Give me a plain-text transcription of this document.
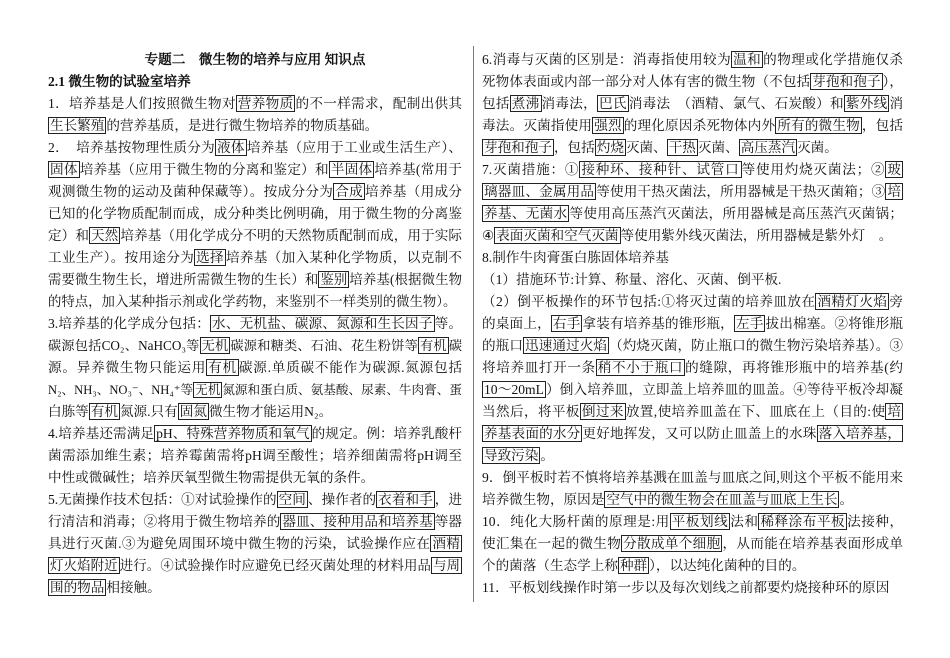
专题二　微生物的培养与应用 知识点
2.1 微生物的试验室培养
1．培养基是人们按照微生物对 营养物质 的不一样需求，配制出供其
生长繁殖 的营养基质，是进行微生物培养的物质基础。
2．　培养基按物理性质分为 液体 培养基（应用于工业或生活生产）、
固体 培养基（应用于微生物的分离和鉴定）和 半固体 培养基(常用于
观测微生物的运动及菌种保藏等）。按成分分为 合成 培养基（用成分
已知的化学物质配制而成，成分种类比例明确，用于微生物的分离鉴
定）和 天然 培养基（用化学成分不明的天然物质配制而成，用于实际
工业生产）。按用途分为 选择 培养基（加入某种化学物质，以克制不
需要微生物生长，增进所需微生物的生长）和 鉴别 培养基(根据微生物
的特点，加入某种指示剂或化学药物，来鉴别不一样类别的微生物）。
3.培养基的化学成分包括： 水、无机盐、碳源、氮源和生长因子 等。
碳源包括CO₂、NaHCO₃等 无机 碳源和糖类、石油、花生粉饼等 有机 碳
源。异养微生物只能运用 有机 碳源.单质碳不能作为碳源.氮源包括
N₂、NH₃、NO₃⁻、NH₄⁺等 无机 氮源和蛋白质、氨基酸、尿素、牛肉膏、蛋
白胨等 有机 氮源.只有 固氮 微生物才能运用N₂。
4.培养基还需满足 pH、特殊营养物质和氧气 的规定。例：培养乳酸杆
菌需添加维生素；培养霉菌需将pH调至酸性；培养细菌需将pH调至
中性或微碱性；培养厌氧型微生物需提供无氧的条件。
5.无菌操作技术包括：①对试验操作的 空间 、操作者的 衣着和手 ，进
行清洁和消毒；②将用于微生物培养的 器皿、接种用品和培养基 等器
具进行灭菌.③为避免周围环境中微生物的污染，试验操作应在 酒精
灯火焰附近 进行。④试验操作时应避免已经灭菌处理的材料用品 与周
围的物品 相接触。
6.消毒与灭菌的区别是：消毒指使用较为 温和 的物理或化学措施仅杀
死物体表面或内部一部分对人体有害的微生物（不包括 芽孢和孢子 ），
包括 煮沸 消毒法， 巴氏 消毒法　（酒精、氯气、石炭酸）和 紫外线 消
毒法。灭菌指使用 强烈 的理化原因杀死物体内外 所有的微生物 ，包括
芽孢和孢子 ，包括 灼烧 灭菌、 干热 灭菌、 高压蒸汽 灭菌。
7.灭菌措施：① 接种环、接种针、试管口 等使用灼烧灭菌法；② 玻
璃器皿、金属用品 等使用干热灭菌法，所用器械是干热灭菌箱；③ 培
养基、无菌水 等使用高压蒸汽灭菌法，所用器械是高压蒸汽灭菌锅；
④ 表面灭菌和空气灭菌 等使用紫外线灭菌法，所用器械是紫外灯　。
8.制作牛肉膏蛋白胨固体培养基
（1）措施环节:计算、称量、溶化、灭菌、倒平板.
（2）倒平板操作的环节包括:①将灭过菌的培养皿放在 酒精灯火焰 旁
的桌面上， 右手 拿装有培养基的锥形瓶， 左手 拔出棉塞。②将锥形瓶
的瓶口 迅速通过火焰 （灼烧灭菌，防止瓶口的微生物污染培养基）。③
将培养皿打开一条 稍不小于瓶口 的缝隙，再将锥形瓶中的培养基(约
10～20mL ）倒入培养皿，立即盖上培养皿的皿盖。④等待平板冷却凝
当然后，将平板 倒过来 放置,使培养皿盖在下、皿底在上（目的:使 培
养基表面的水分 更好地挥发，又可以防止皿盖上的水珠 落入培养基，
导致污染 。
9．倒平板时若不慎将培养基溅在皿盖与皿底之间,则这个平板不能用来
培养微生物，原因是 空气中的微生物会在皿盖与皿底上生长 。
10．纯化大肠杆菌的原理是:用 平板划线 法和 稀释涂布平板 法接种，
使汇集在一起的微生物 分散成单个细胞 ，从而能在培养基表面形成单
个的菌落（生态学上称 种群 ），以达纯化菌种的目的。
11．平板划线操作时第一步以及每次划线之前都要灼烧接种环的原因
